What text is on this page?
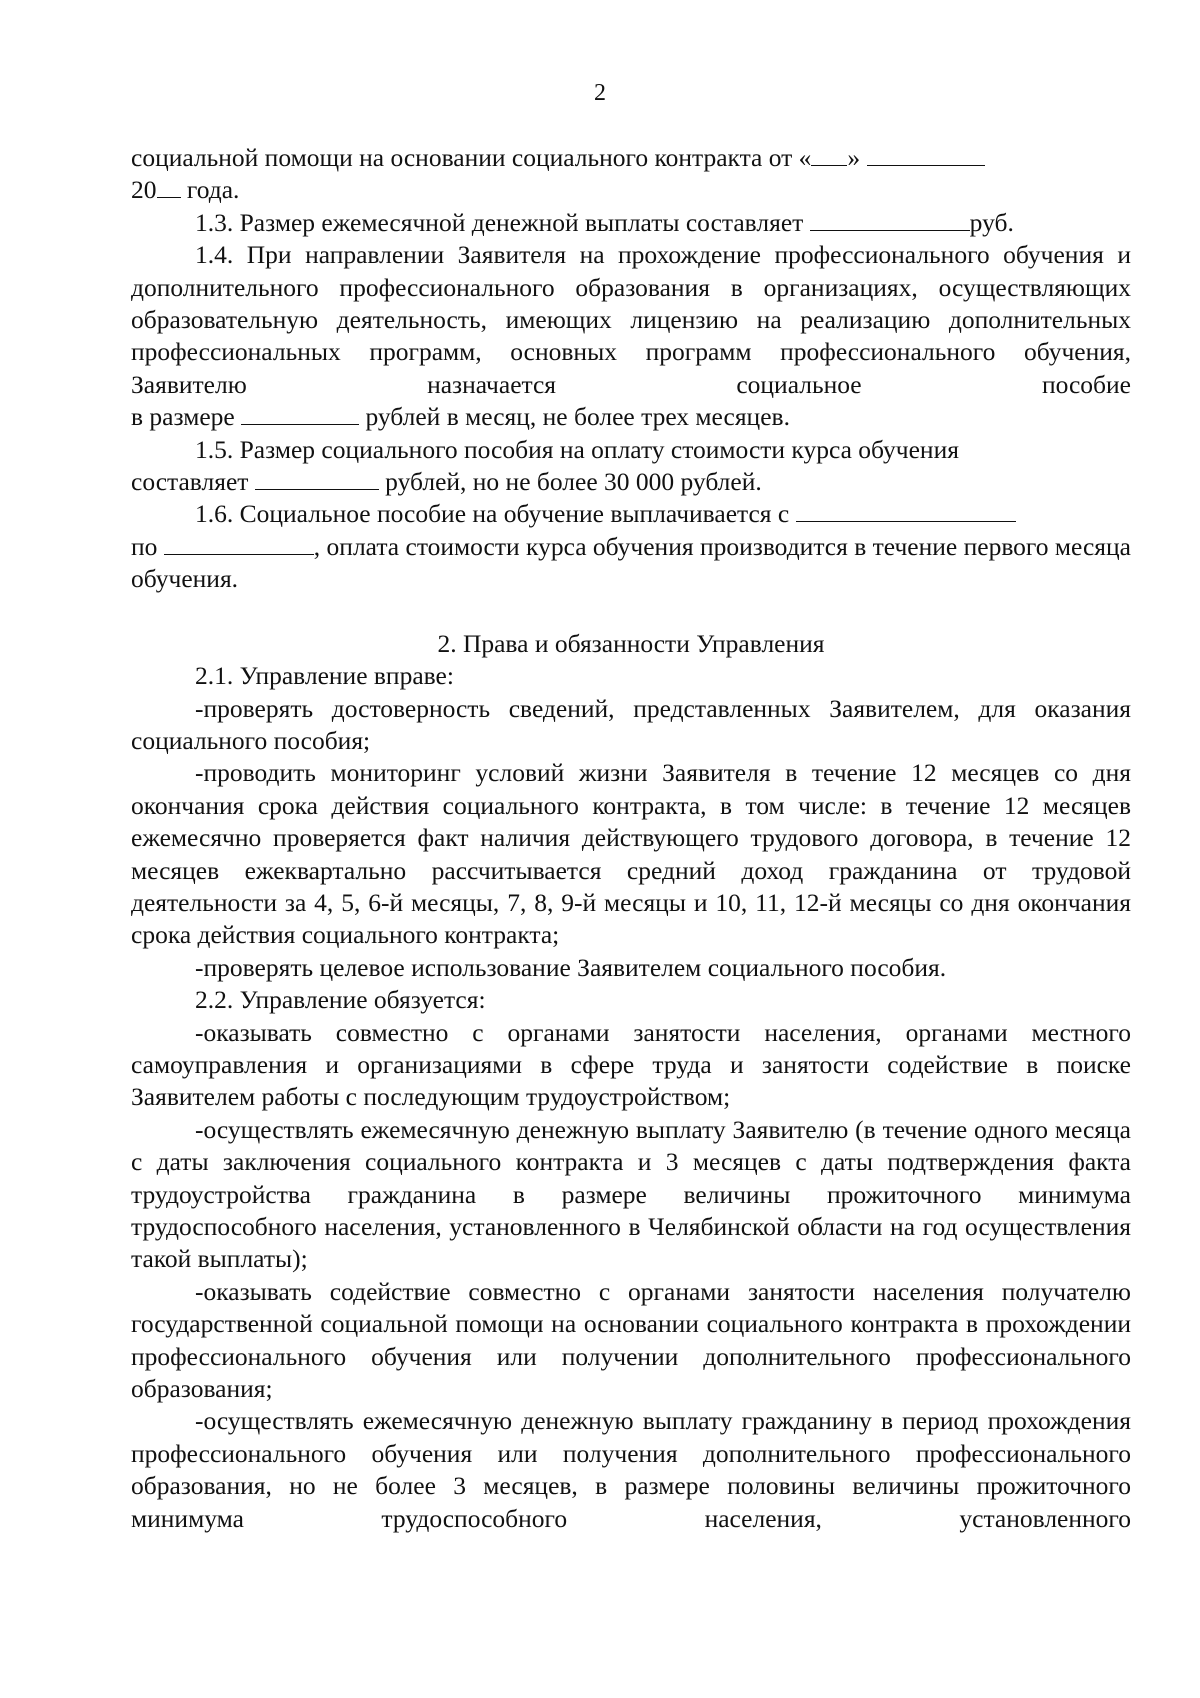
2

социальной помощи на основании социального контракта от « »

20 года.

1.3. Размер ежемесячной денежной выплаты составляет	руб.

1.4. При направлении Заявителя на прохождение профессионального обучения и дополнительного профессионального образования в организациях, осуществляющих образовательную деятельность, имеющих лицензию на реализацию дополнительных профессиональных программ, основных программ профессионального обучения, Заявителю назначается социальное пособие

в размере	рублей в месяц, не более трех месяцев.

1.5. Размер социального пособия на оплату стоимости курса обучения

составляет	рублей, но не более 30 000 рублей.

1.6. Социальное пособие на обучение выплачивается с

по	, оплата стоимости курса обучения производится в течение первого месяца обучения.

2. Права и обязанности Управления

2.1. Управление вправе:

-проверять достоверность сведений, представленных Заявителем, для оказания социального пособия;

-проводить мониторинг условий жизни Заявителя в течение 12 месяцев со дня окончания срока действия социального контракта, в том числе: в течение 12 месяцев ежемесячно проверяется факт наличия действующего трудового договора, в течение 12 месяцев ежеквартально рассчитывается средний доход гражданина от трудовой деятельности за 4, 5, 6-й месяцы, 7, 8, 9-й месяцы и 10, 11, 12-й месяцы со дня окончания срока действия социального контракта;

-проверять целевое использование Заявителем социального пособия.

2.2. Управление обязуется:

-оказывать совместно с органами занятости населения, органами местного самоуправления и организациями в сфере труда и занятости содействие в поиске Заявителем работы с последующим трудоустройством;

-осуществлять ежемесячную денежную выплату Заявителю (в течение одного месяца с даты заключения социального контракта и 3 месяцев с даты подтверждения факта трудоустройства гражданина в размере величины прожиточного минимума трудоспособного населения, установленного в Челябинской области на год осуществления такой выплаты);

-оказывать содействие совместно с органами занятости населения получателю государственной социальной помощи на основании социального контракта в прохождении профессионального обучения или получении дополнительного профессионального образования;

-осуществлять ежемесячную денежную выплату гражданину в период прохождения профессионального обучения или получения дополнительного профессионального образования, но не более 3 месяцев, в размере половины величины прожиточного минимума трудоспособного населения, установленного
